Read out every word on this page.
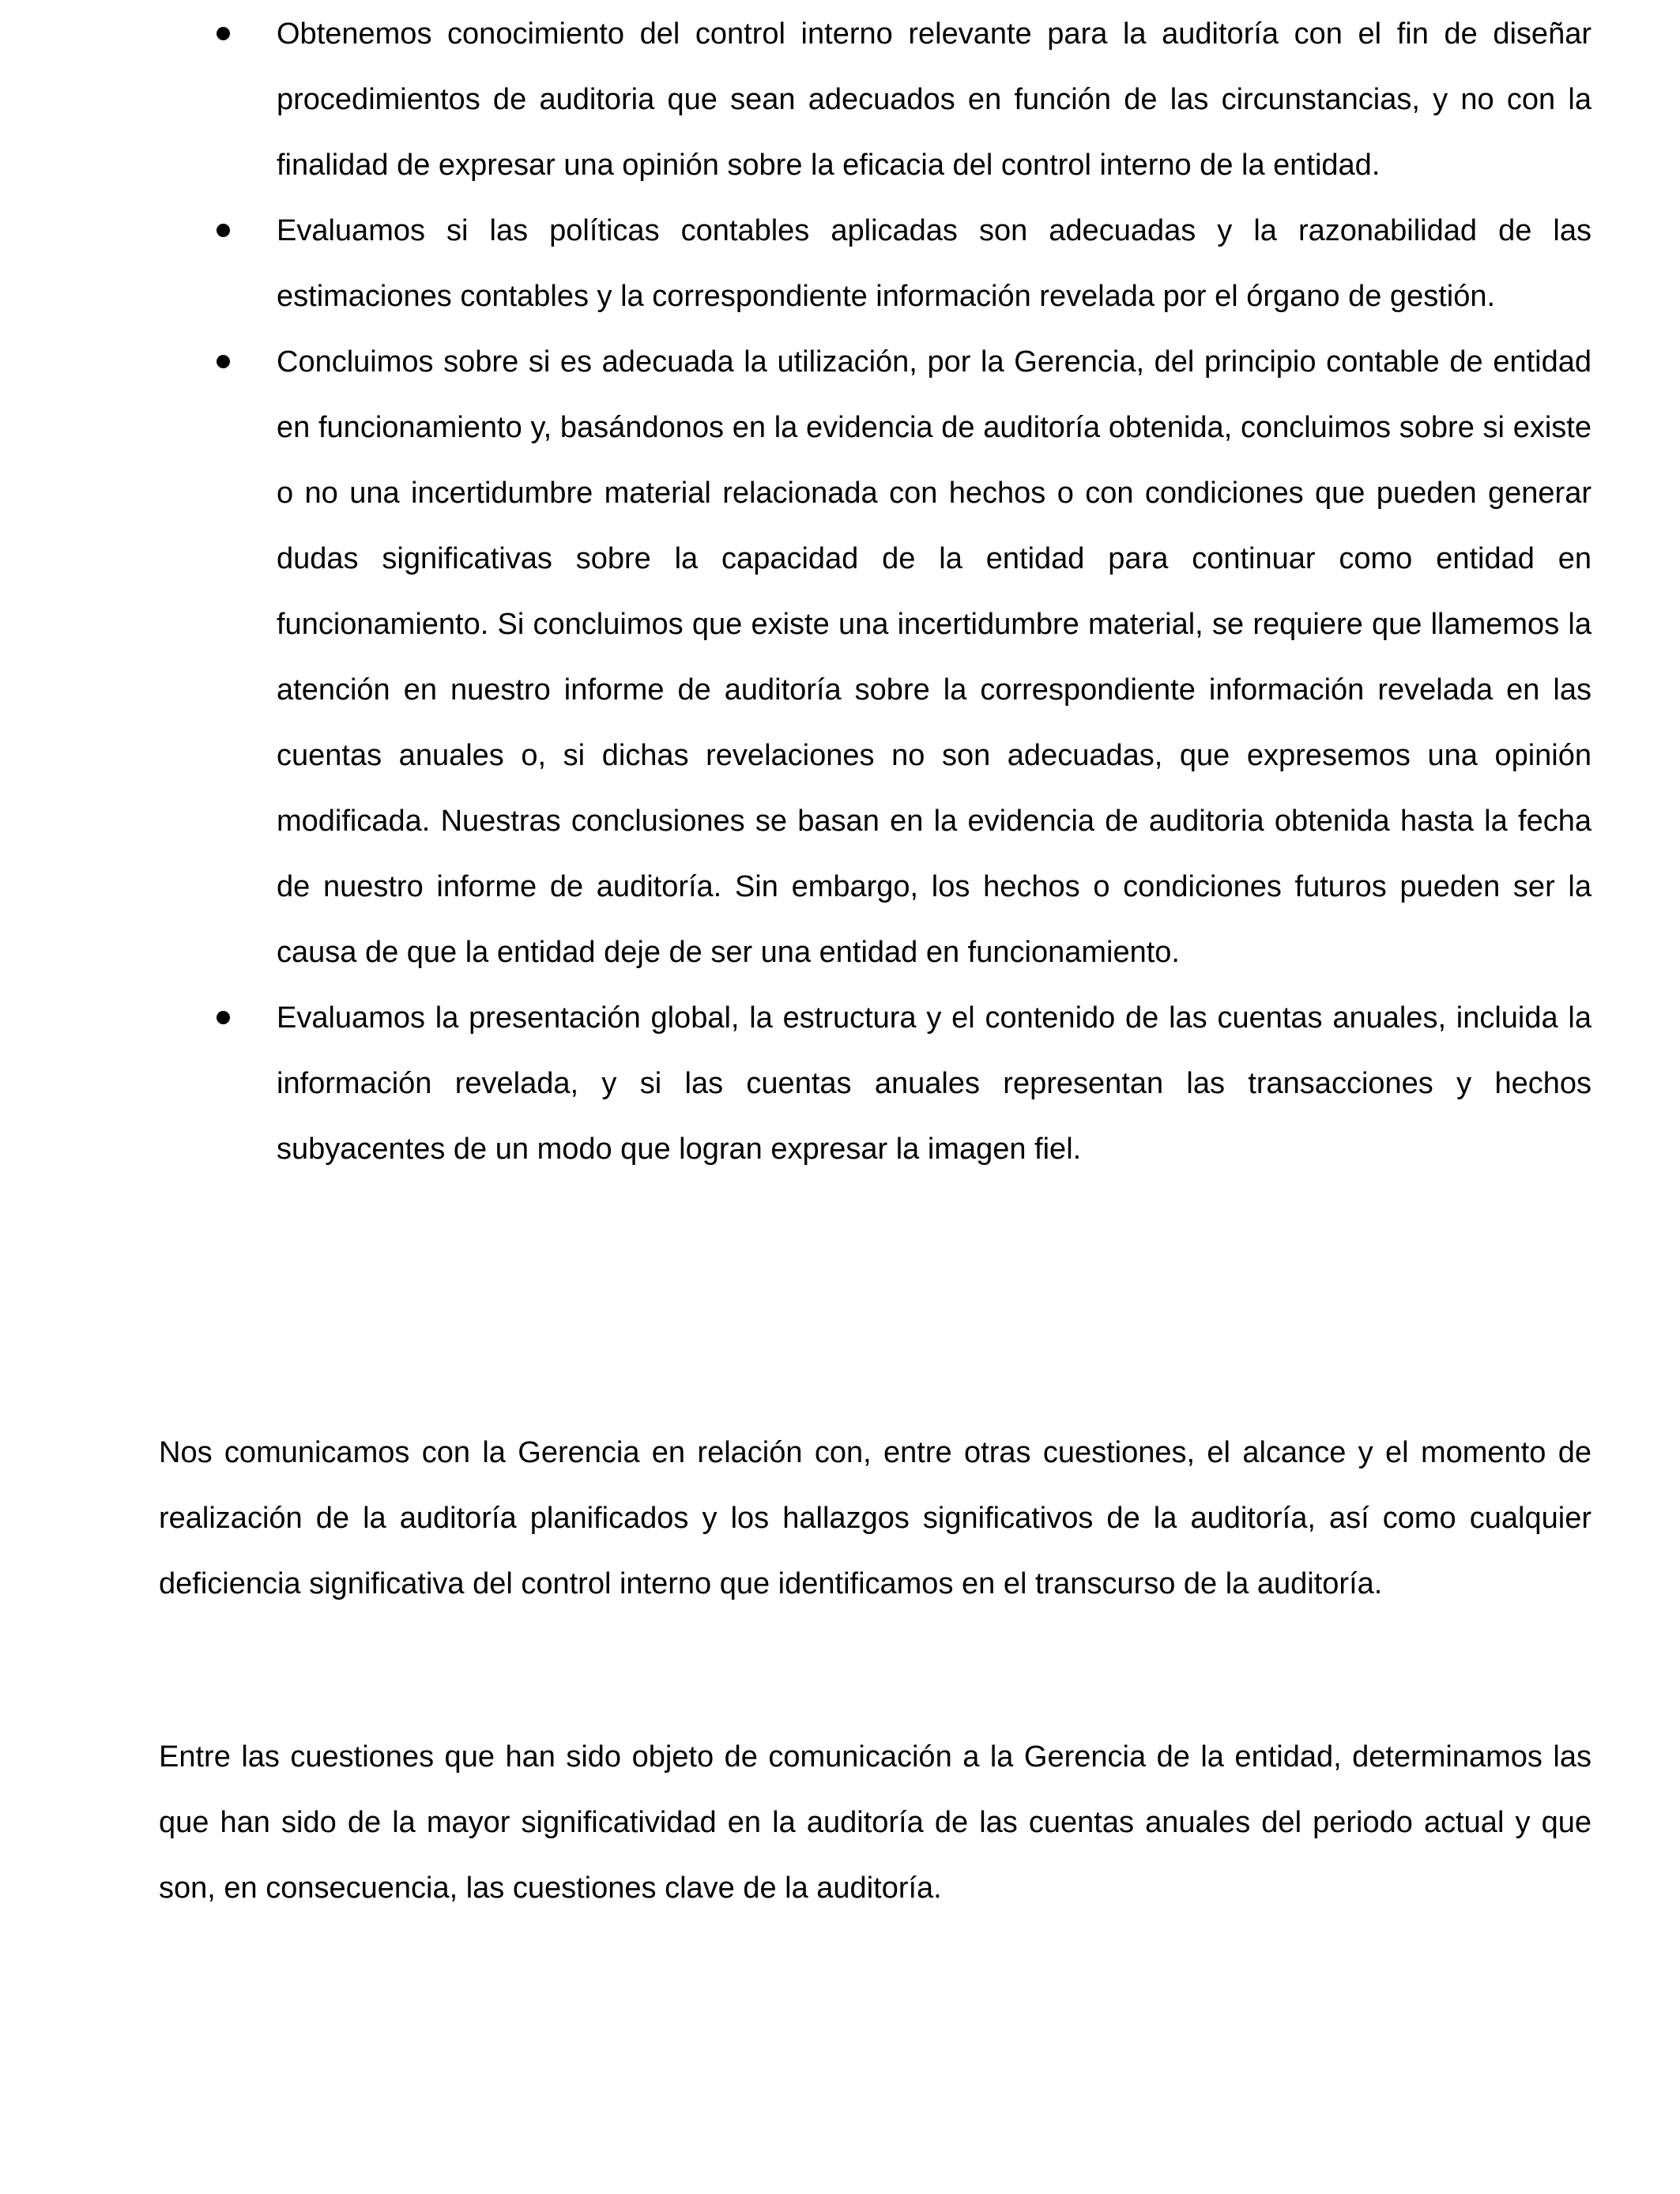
Obtenemos conocimiento del control interno relevante para la auditoría con el fin de diseñar procedimientos de auditoria que sean adecuados en función de las circunstancias, y no con la finalidad de expresar una opinión sobre la eficacia del control interno de la entidad.
Evaluamos si las políticas contables aplicadas son adecuadas y la razonabilidad de las estimaciones contables y la correspondiente información revelada por el órgano de gestión.
Concluimos sobre si es adecuada la utilización, por la Gerencia, del principio contable de entidad en funcionamiento y, basándonos en la evidencia de auditoría obtenida, concluimos sobre si existe o no una incertidumbre material relacionada con hechos o con condiciones que pueden generar dudas significativas sobre la capacidad de la entidad para continuar como entidad en funcionamiento. Si concluimos que existe una incertidumbre material, se requiere que llamemos la atención en nuestro informe de auditoría sobre la correspondiente información revelada en las cuentas anuales o, si dichas revelaciones no son adecuadas, que expresemos una opinión modificada. Nuestras conclusiones se basan en la evidencia de auditoria obtenida hasta la fecha de nuestro informe de auditoría. Sin embargo, los hechos o condiciones futuros pueden ser la causa de que la entidad deje de ser una entidad en funcionamiento.
Evaluamos la presentación global, la estructura y el contenido de las cuentas anuales, incluida la información revelada, y si las cuentas anuales representan las transacciones y hechos subyacentes de un modo que logran expresar la imagen fiel.

Nos comunicamos con la Gerencia en relación con, entre otras cuestiones, el alcance y el momento de realización de la auditoría planificados y los hallazgos significativos de la auditoría, así como cualquier deficiencia significativa del control interno que identificamos en el transcurso de la auditoría.

Entre las cuestiones que han sido objeto de comunicación a la Gerencia de la entidad, determinamos las que han sido de la mayor significatividad en la auditoría de las cuentas anuales del periodo actual y que son, en consecuencia, las cuestiones clave de la auditoría.
